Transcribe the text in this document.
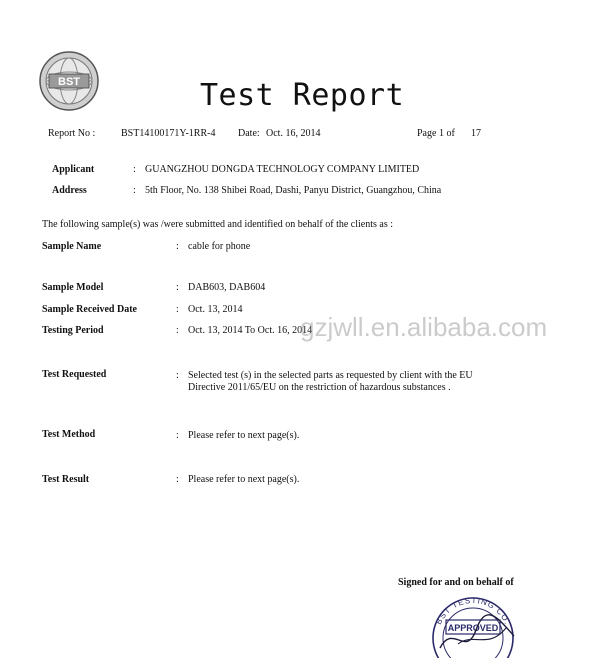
BST	Test Report
Report No :	BST14100171Y-1RR-4 Date: Oct. 16, 2014	Page 1 of 17
Applicant	: GUANGZHOU DONGDA TECHNOLOGY COMPANY LIMITED
Address	: 5th Floor, No. 138 Shibei Road, Dashi, Panyu District, Guangzhou, China
The following sample(s) was /were submitted and identified on behalf of the clients as :
Sample Name	: cable for phone
Sample Model	: DAB603, DAB604
Sample Received Date	: Oct. 13, 2014
Testing Period	: Oct. 13, 2014 To Oct. 16, 2014
gzjwll.en.alibaba.com
Test Requested	: Selected test (s) in the selected parts as requested by client with the EU
Directive 2011/65/EU on the restriction of hazardous substances .
Test Method	: Please refer to next page(s).
Test Result	: Please refer to next page(s).
Signed for and on behalf of
BST TESTING CO.
APPROVED
